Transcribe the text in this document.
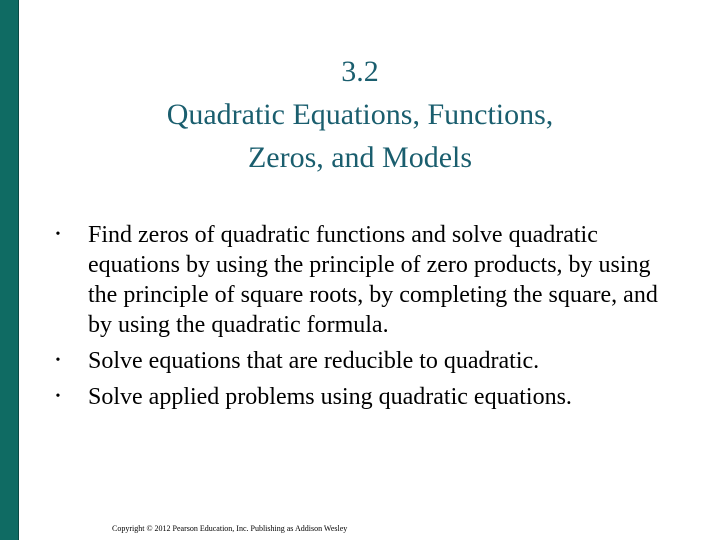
3.2
Quadratic Equations, Functions,
Zeros, and Models
• Find zeros of quadratic functions and solve quadratic equations by using the principle of zero products, by using the principle of square roots, by completing the square, and by using the quadratic formula.
• Solve equations that are reducible to quadratic.
• Solve applied problems using quadratic equations.
Copyright © 2012 Pearson Education, Inc. Publishing as Addison Wesley
